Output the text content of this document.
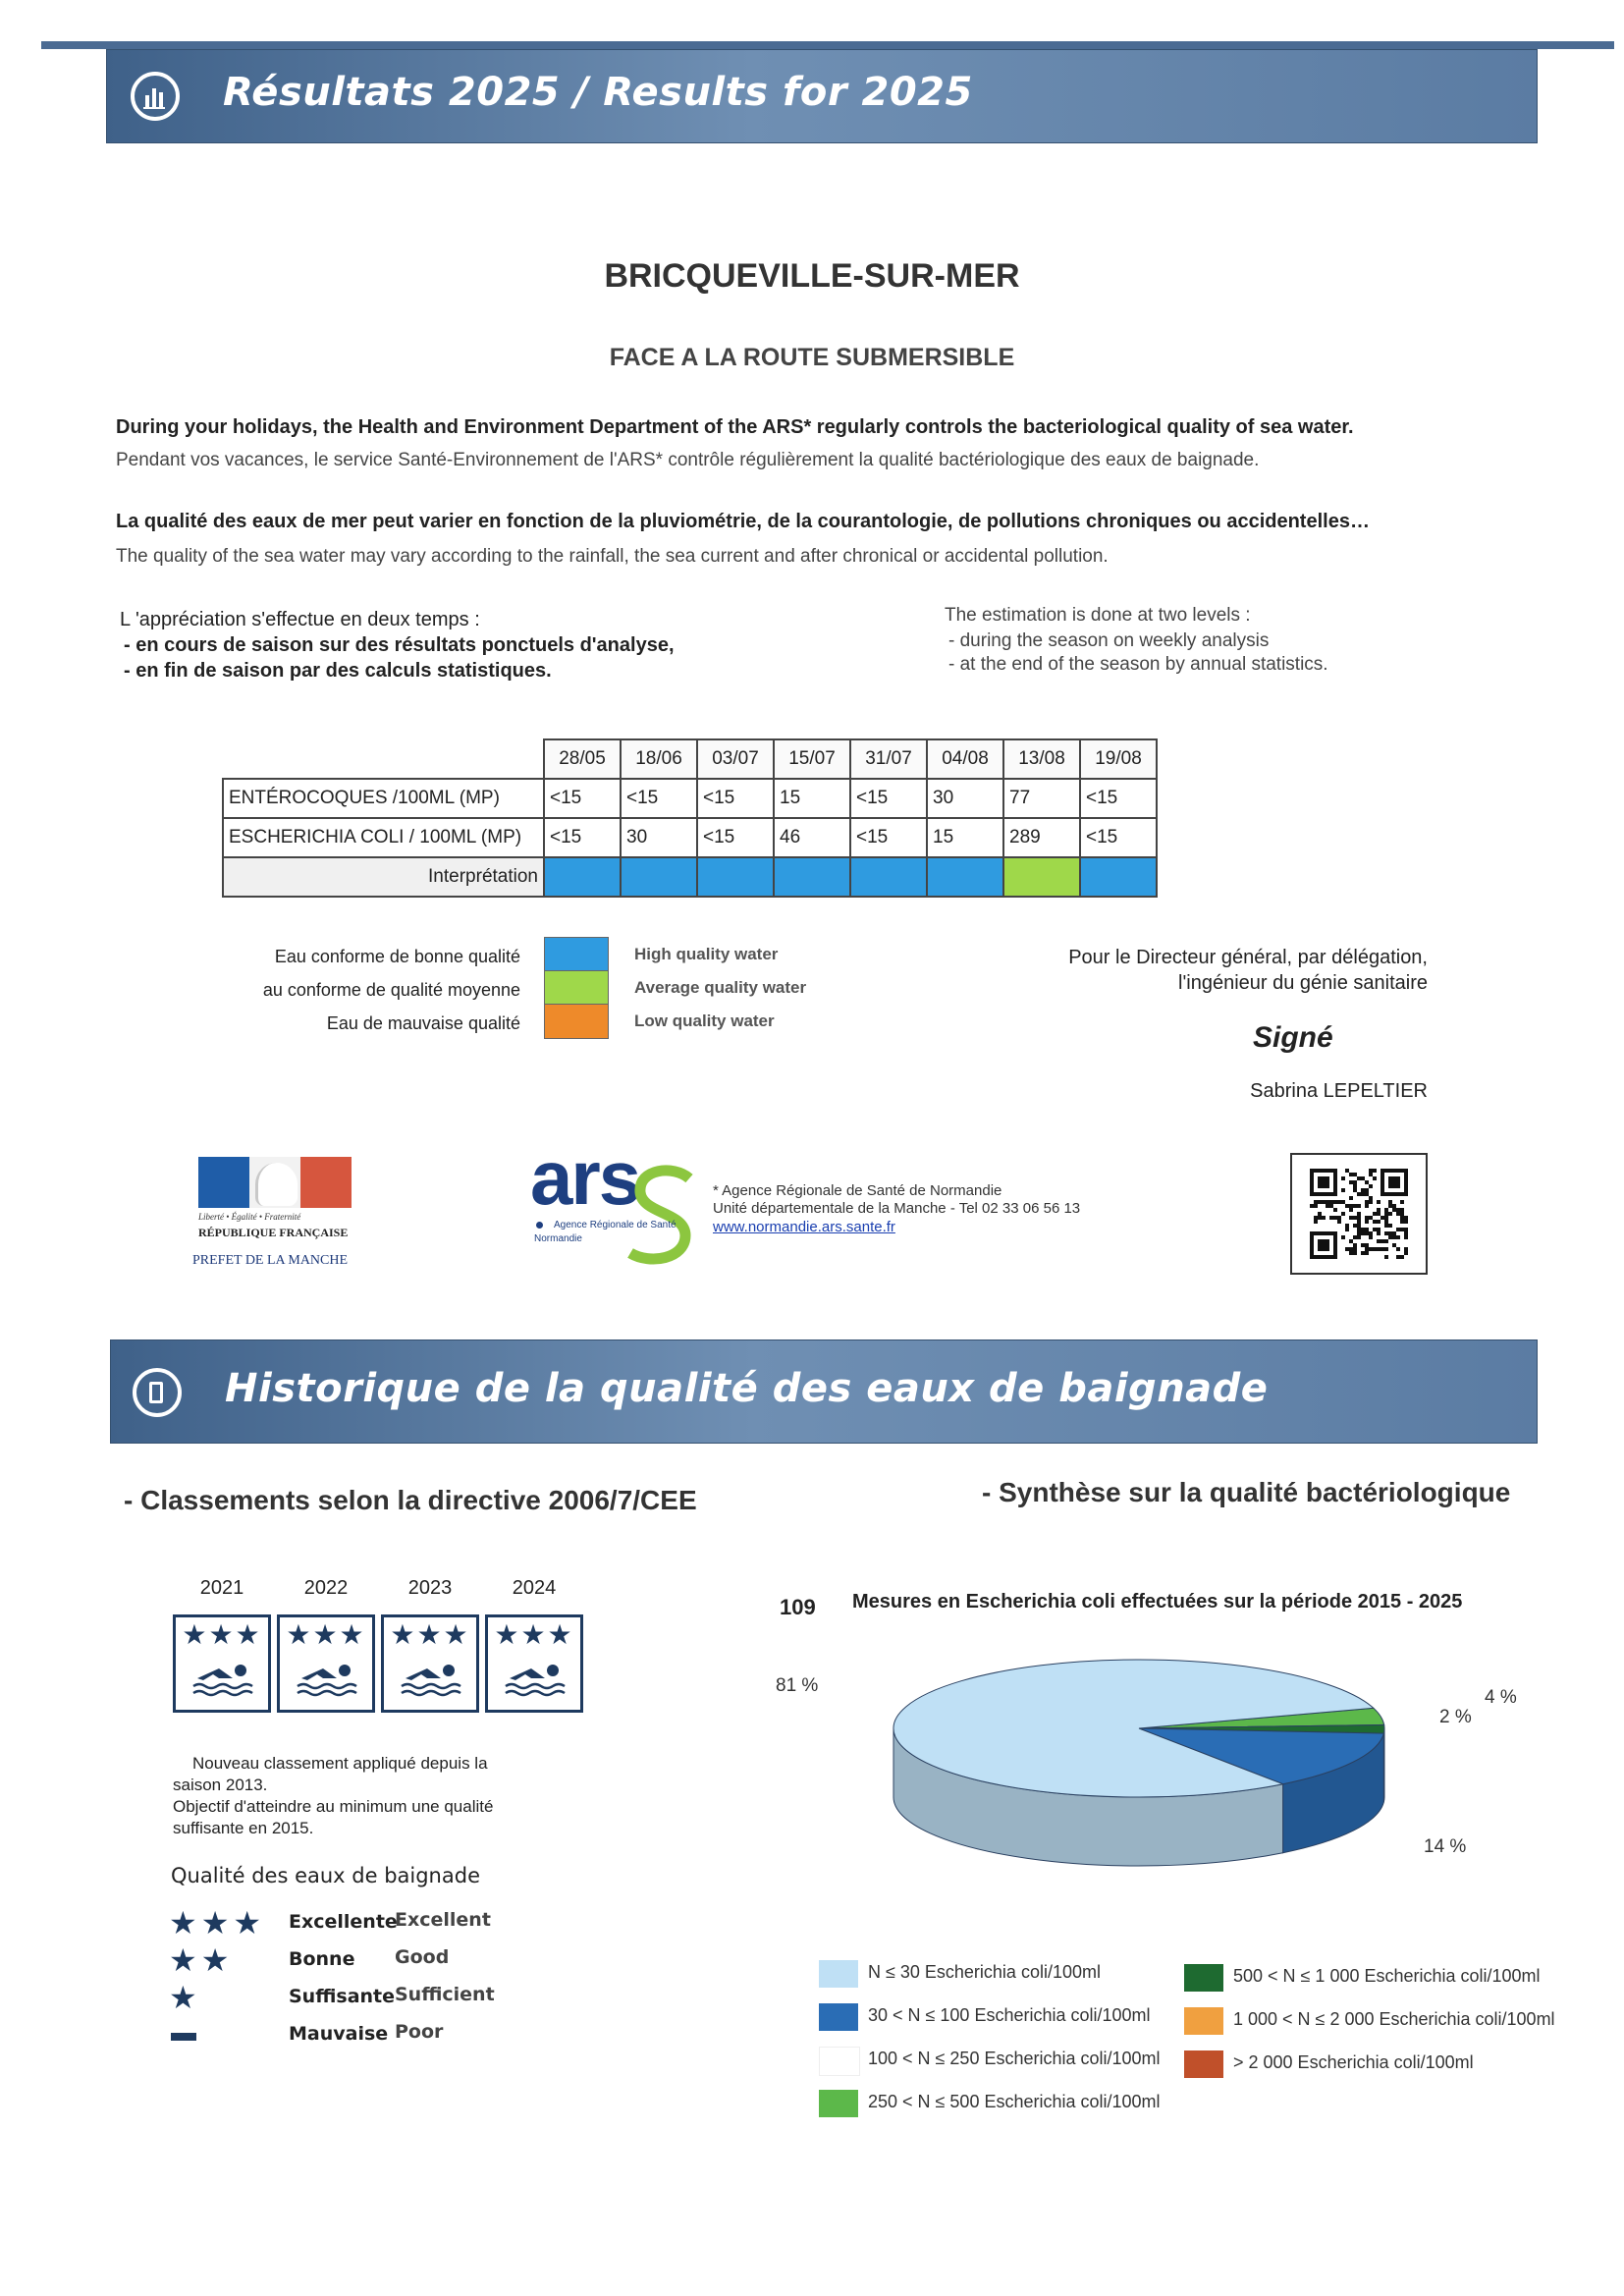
Résultats 2025 / Results for 2025
BRICQUEVILLE-SUR-MER
FACE A LA ROUTE SUBMERSIBLE
During your holidays, the Health and Environment Department of the ARS* regularly controls the bacteriological quality of sea water.
Pendant vos vacances, le service Santé-Environnement de l'ARS* contrôle régulièrement la qualité bactériologique des eaux de baignade.
La qualité des eaux de mer peut varier en fonction de la pluviométrie, de la courantologie, de pollutions chroniques ou accidentelles…
The quality of the sea water may vary according to the rainfall, the sea current and after chronical or accidental pollution.
L 'appréciation s'effectue en deux temps :
- en cours de saison sur des résultats ponctuels d'analyse,
- en fin de saison par des calculs statistiques.
The estimation is done at two levels :
- during the season on weekly analysis
- at the end of the season by annual statistics.
	28/05	18/06	03/07	15/07	31/07	04/08	13/08	19/08
ENTÉROCOQUES /100ML (MP)	<15	<15	<15	15	<15	30	77	<15
ESCHERICHIA COLI / 100ML (MP)	<15	30	<15	46	<15	15	289	<15
Interprétation								
Eau conforme de bonne qualité
au conforme de qualité moyenne
Eau de mauvaise qualité
High quality water
Average quality water
Low quality water
Pour le Directeur général, par délégation,
l'ingénieur du génie sanitaire
Signé
Sabrina LEPELTIER
Liberté • Égalité • Fraternité
RÉPUBLIQUE FRANÇAISE
PREFET DE LA MANCHE
ars
Agence Régionale de Santé
Normandie
* Agence Régionale de Santé de Normandie
Unité départementale de la Manche - Tel 02 33 06 56 13
www.normandie.ars.sante.fr
Historique de la qualité des eaux de baignade
- Classements selon la directive 2006/7/CEE
2021	2022	2023	2024
★★★ ★★★ ★★★ ★★★
Nouveau classement appliqué depuis la
saison 2013.
Objectif d'atteindre au minimum une qualité
suffisante en 2015.
Qualité des eaux de baignade
★★★ Excellente
Excellent
★★	Bonne Good
★	Suffisante Sufficient
Mauvaise Poor
- Synthèse sur la qualité bactériologique
109 Mesures en Escherichia coli effectuées sur la période 2015 - 2025
81 %
4 %
2 %
14 %
N ≤ 30 Escherichia coli/100ml
30 < N ≤ 100 Escherichia coli/100ml
100 < N ≤ 250 Escherichia coli/100ml
250 < N ≤ 500 Escherichia coli/100ml
500 < N ≤ 1 000 Escherichia coli/100ml
1 000 < N ≤ 2 000 Escherichia coli/100ml
> 2 000 Escherichia coli/100ml
